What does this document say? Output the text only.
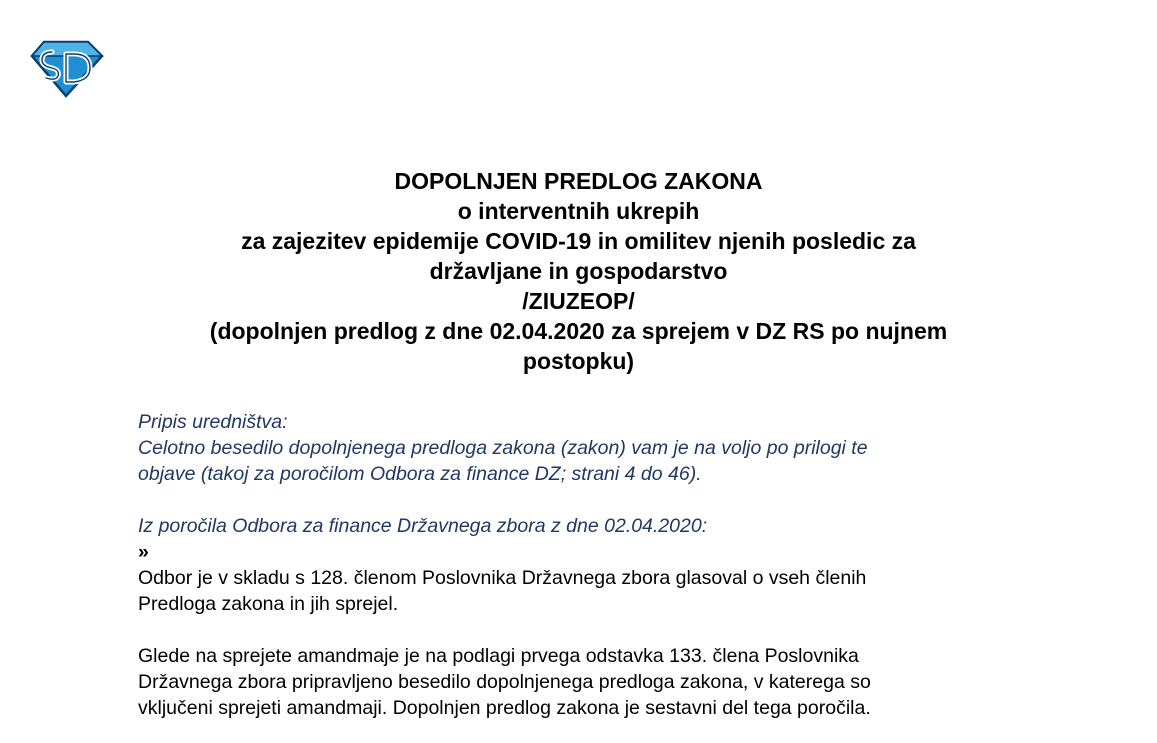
DOPOLNJEN PREDLOG ZAKONA
o interventnih ukrepih
za zajezitev epidemije COVID-19 in omilitev njenih posledic za
državljane in gospodarstvo
/ZIUZEOP/
(dopolnjen predlog z dne 02.04.2020 za sprejem v DZ RS po nujnem
postopku)

Pripis uredništva:

Celotno besedilo dopolnjenega predloga zakona (zakon) vam je na voljo po prilogi te

objave (takoj za poročilom Odbora za finance DZ; strani 4 do 46).

Iz poročila Odbora za finance Državnega zbora z dne 02.04.2020:

»

Odbor je v skladu s 128. členom Poslovnika Državnega zbora glasoval o vseh členih

Predloga zakona in jih sprejel.

Glede na sprejete amandmaje je na podlagi prvega odstavka 133. člena Poslovnika

Državnega zbora pripravljeno besedilo dopolnjenega predloga zakona, v katerega so

vključeni sprejeti amandmaji. Dopolnjen predlog zakona je sestavni del tega poročila.
